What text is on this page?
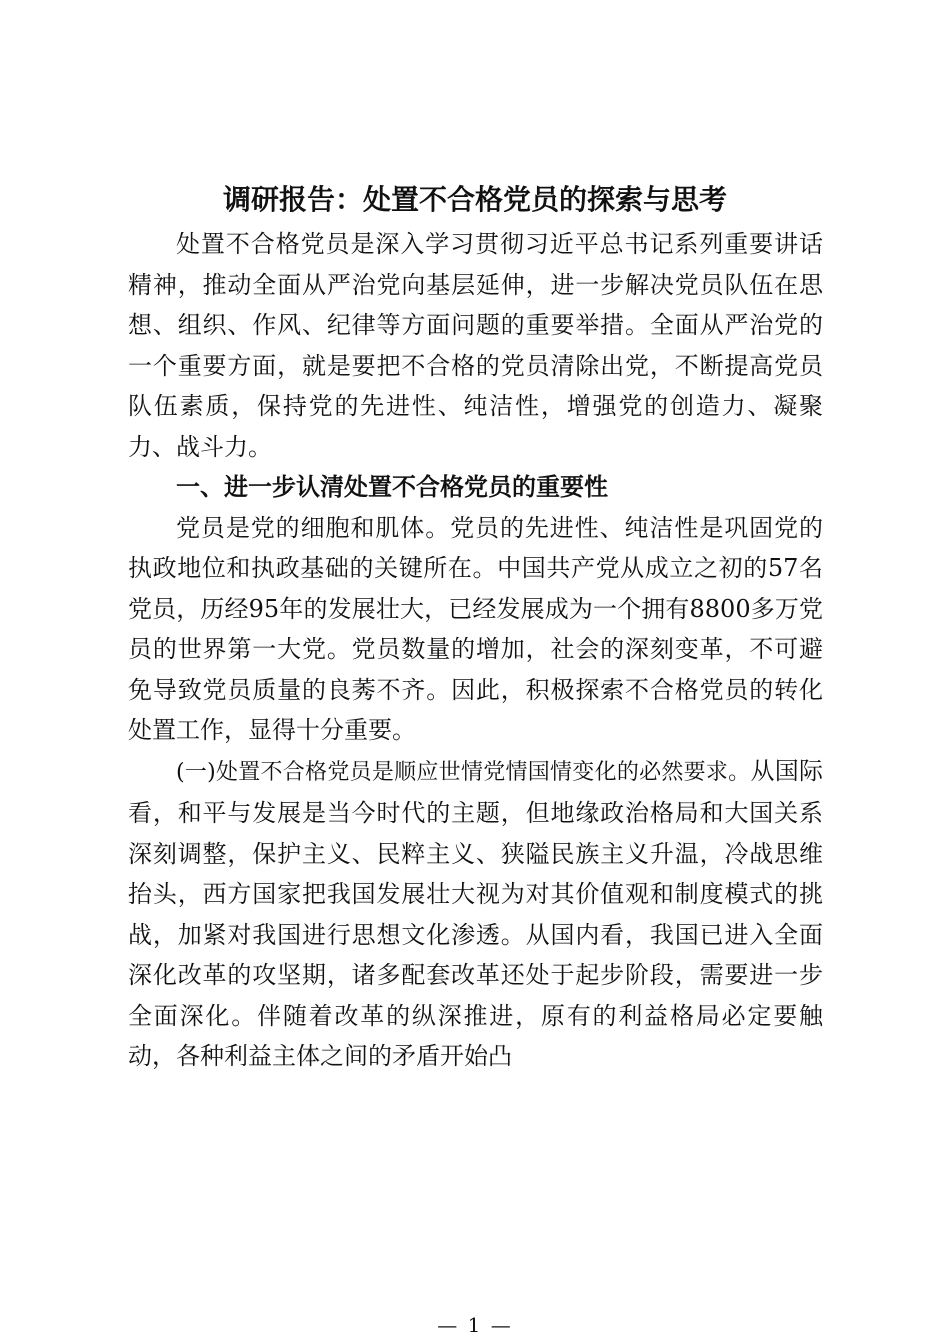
调研报告：处置不合格党员的探索与思考

处置不合格党员是深入学习贯彻习近平总书记系列重要讲话精神，推动全面从严治党向基层延伸，进一步解决党员队伍在思想、组织、作风、纪律等方面问题的重要举措。全面从严治党的一个重要方面，就是要把不合格的党员清除出党，不断提高党员队伍素质，保持党的先进性、纯洁性，增强党的创造力、凝聚力、战斗力。

一、进一步认清处置不合格党员的重要性

党员是党的细胞和肌体。党员的先进性、纯洁性是巩固党的执政地位和执政基础的关键所在。中国共产党从成立之初的57名党员，历经95年的发展壮大，已经发展成为一个拥有8800多万党员的世界第一大党。党员数量的增加，社会的深刻变革，不可避免导致党员质量的良莠不齐。因此，积极探索不合格党员的转化处置工作，显得十分重要。

(一)处置不合格党员是顺应世情党情国情变化的必然要求。从国际看，和平与发展是当今时代的主题，但地缘政治格局和大国关系深刻调整，保护主义、民粹主义、狭隘民族主义升温，冷战思维抬头，西方国家把我国发展壮大视为对其价值观和制度模式的挑战，加紧对我国进行思想文化渗透。从国内看，我国已进入全面深化改革的攻坚期，诸多配套改革还处于起步阶段，需要进一步全面深化。伴随着改革的纵深推进，原有的利益格局必定要触动，各种利益主体之间的矛盾开始凸

— 1 —
